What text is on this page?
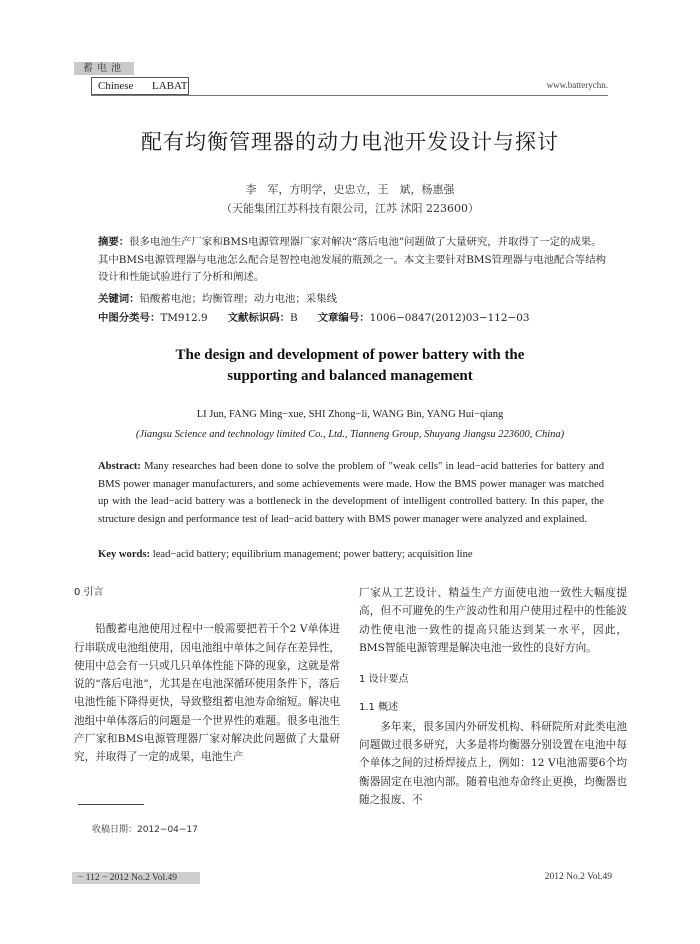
蓄电池
Chinese LABAT	www.batterychn.
配有均衡管理器的动力电池开发设计与探讨
李　军，方明学，史忠立，王　斌，杨惠强
（天能集团江苏科技有限公司，江苏 沭阳 223600）
摘要：很多电池生产厂家和BMS电源管理器厂家对解决“落后电池”问题做了大量研究，并取得了一定的成果。其中BMS电源管理器与电池怎么配合是智控电池发展的瓶颈之一。本文主要针对BMS管理器与电池配合等结构设计和性能试验进行了分析和阐述。
关键词：铅酸蓄电池；均衡管理；动力电池；采集线
中图分类号：TM912.9 文献标识码：B 文章编号：1006−0847(2012)03−112−03
The design and development of power battery with the
supporting and balanced management
LI Jun, FANG Ming−xue, SHI Zhong−li, WANG Bin, YANG Hui−qiang
(Jiangsu Science and technology limited Co., Ltd., Tianneng Group, Shuyang Jiangsu 223600, China)
Abstract: Many researches had been done to solve the problem of "weak cells" in lead−acid batteries for battery and BMS power manager manufacturers, and some achievements were made. How the BMS power manager was matched up with the lead−acid battery was a bottleneck in the development of intelligent controlled battery. In this paper, the structure design and performance test of lead−acid battery with BMS power manager were analyzed and explained.
Key words: lead−acid battery; equilibrium management; power battery; acquisition line
0 引言
铅酸蓄电池使用过程中一般需要把若干个2 V单体进行串联成电池组使用，因电池组中单体之间存在差异性，使用中总会有一只或几只单体性能下降的现象，这就是常说的“落后电池”，尤其是在电池深循环使用条件下，落后电池性能下降得更快，导致整组蓄电池寿命缩短。解决电池组中单体落后的问题是一个世界性的难题。很多电池生产厂家和BMS电源管理器厂家对解决此问题做了大量研究，并取得了一定的成果，电池生产
厂家从工艺设计、精益生产方面使电池一致性大幅度提高，但不可避免的生产波动性和用户使用过程中的性能波动性使电池一致性的提高只能达到某一水平，因此，BMS智能电源管理是解决电池一致性的良好方向。
1 设计要点
1.1 概述
多年来，很多国内外研发机构、科研院所对此类电池问题做过很多研究，大多是将均衡器分别设置在电池中每个单体之间的过桥焊接点上，例如：12 V电池需要6个均衡器固定在电池内部。随着电池寿命终止更换，均衡器也随之报废、不
收稿日期：2012−04−17
− 112 − 2012 No.2 Vol.49	2012 No.2 Vol.49
